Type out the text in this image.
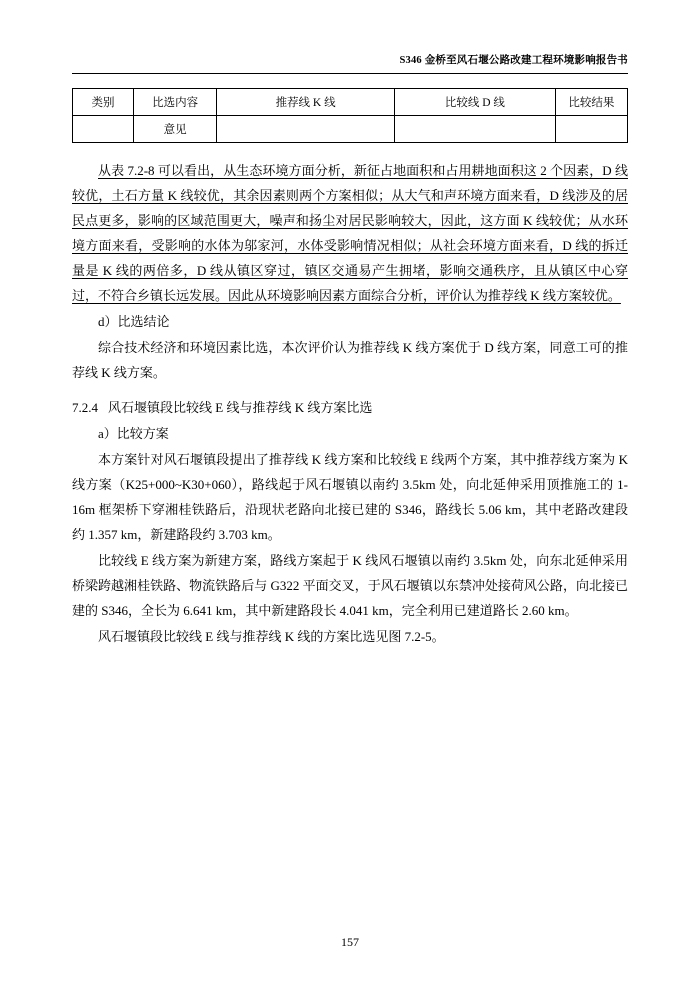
S346 金桥至风石堰公路改建工程环境影响报告书
类别	比选内容	推荐线 K 线	比较线 D 线	比较结果
	意见			

从表 7.2-8 可以看出，从生态环境方面分析，新征占地面积和占用耕地面积这 2 个因素，D 线较优，土石方量 K 线较优，其余因素则两个方案相似；从大气和声环境方面来看，D 线涉及的居民点更多，影响的区域范围更大，噪声和扬尘对居民影响较大，因此，这方面 K 线较优；从水环境方面来看，受影响的水体为邬家河，水体受影响情况相似；从社会环境方面来看，D 线的拆迁量是 K 线的两倍多，D 线从镇区穿过，镇区交通易产生拥堵，影响交通秩序，且从镇区中心穿过，不符合乡镇长远发展。因此从环境影响因素方面综合分析，评价认为推荐线 K 线方案较优。

d）比选结论

综合技术经济和环境因素比选，本次评价认为推荐线 K 线方案优于 D 线方案，同意工可的推荐线 K 线方案。

7.2.4 风石堰镇段比较线 E 线与推荐线 K 线方案比选

a）比较方案

本方案针对风石堰镇段提出了推荐线 K 线方案和比较线 E 线两个方案，其中推荐线方案为 K 线方案（K25+000~K30+060），路线起于风石堰镇以南约 3.5km 处，向北延伸采用顶推施工的 1-16m 框架桥下穿湘桂铁路后，沿现状老路向北接已建的 S346，路线长 5.06 km，其中老路改建段约 1.357 km，新建路段约 3.703 km。

比较线 E 线方案为新建方案，路线方案起于 K 线风石堰镇以南约 3.5km 处，向东北延伸采用桥梁跨越湘桂铁路、物流铁路后与 G322 平面交叉，于风石堰镇以东禁冲处接荷风公路，向北接已建的 S346，全长为 6.641 km，其中新建路段长 4.041 km，完全利用已建道路长 2.60 km。

风石堰镇段比较线 E 线与推荐线 K 线的方案比选见图 7.2-5。

157
